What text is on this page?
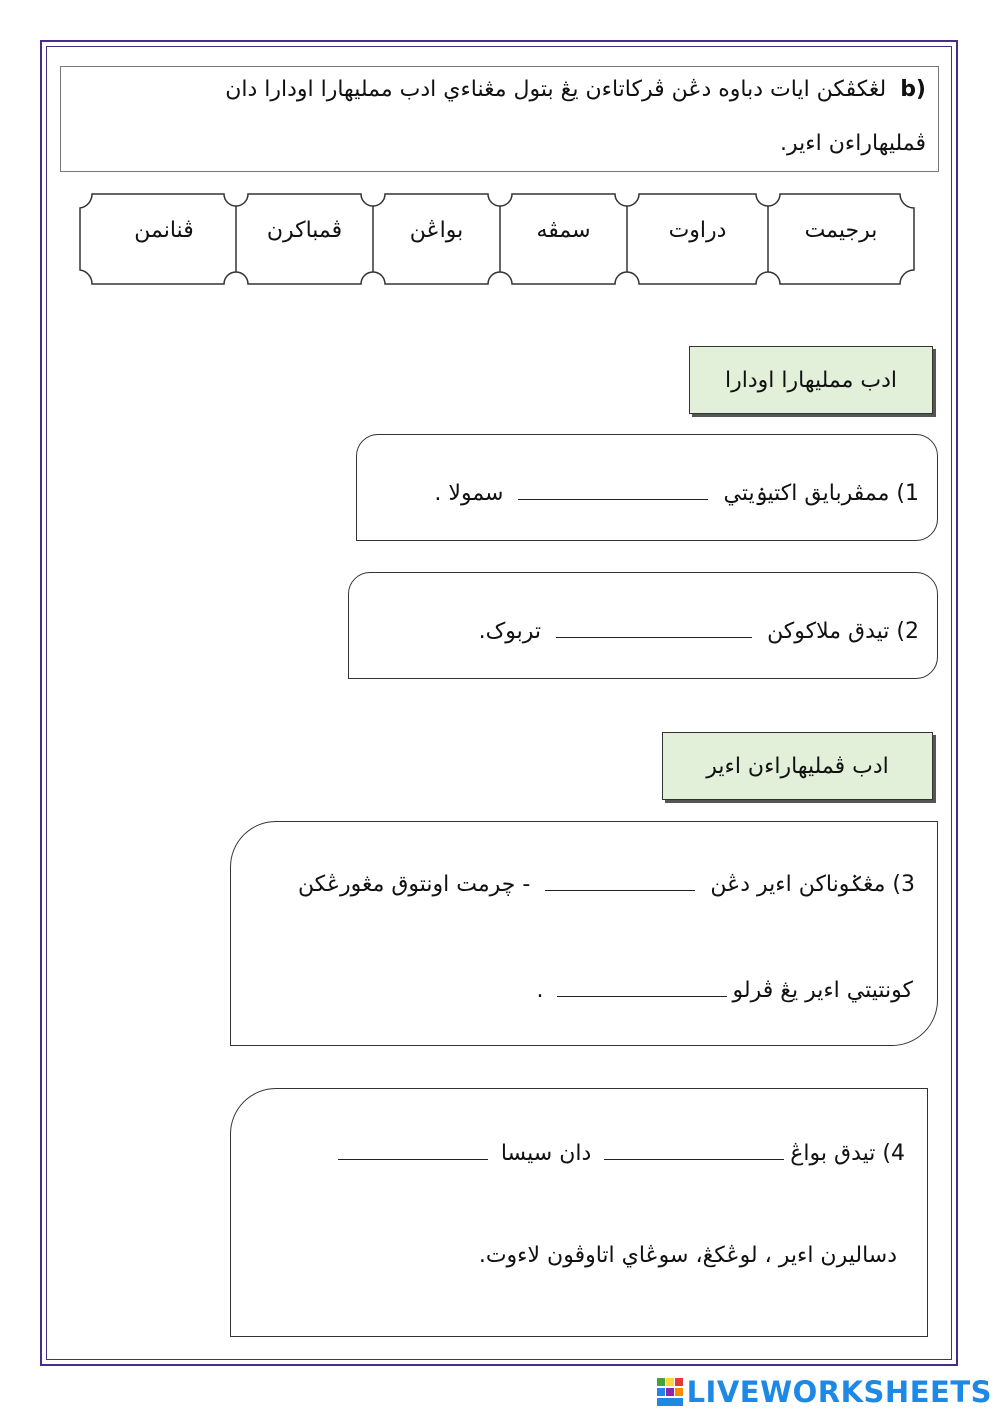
b)لڠكڤكن ايات دباوه دڠن ڤركاتاءن يڠ بتول مڠناءي ادب ممليهارا اودارا دان
ڤمليهاراءن اءير.
برجيمت
دراوت
سمڤه
بواڠن
ڤمباكرن
ڤنانمن
ادب ممليهارا اودارا
1) ممڤربايق اكتيۏيتي  سمولا .
2) تيدق ملاكوكن  تربوک.
ادب ڤمليهاراءن اءير
3) مڠݢوناكن اءير دڠن  - چرمت اونتوق مڠورڠكن
كونتيتي اءير يڠ ڤرلو .
4) تيدق بواڠ دان سيسا
دساليرن اءير ، لوڠكڠ، سوڠاي اتاوڤون لاءوت.
LIVEWORKSHEETS
